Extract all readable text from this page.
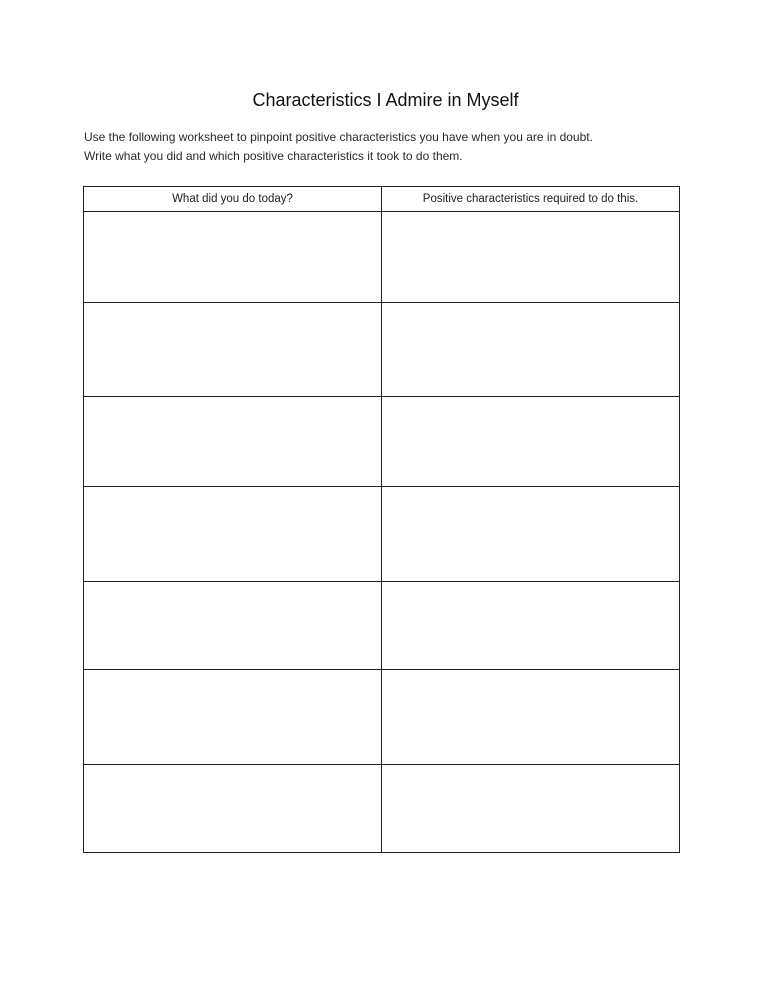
Characteristics I Admire in Myself
Use the following worksheet to pinpoint positive characteristics you have when you are in doubt.
Write what you did and which positive characteristics it took to do them.
What did you do today?	Positive characteristics required to do this.
